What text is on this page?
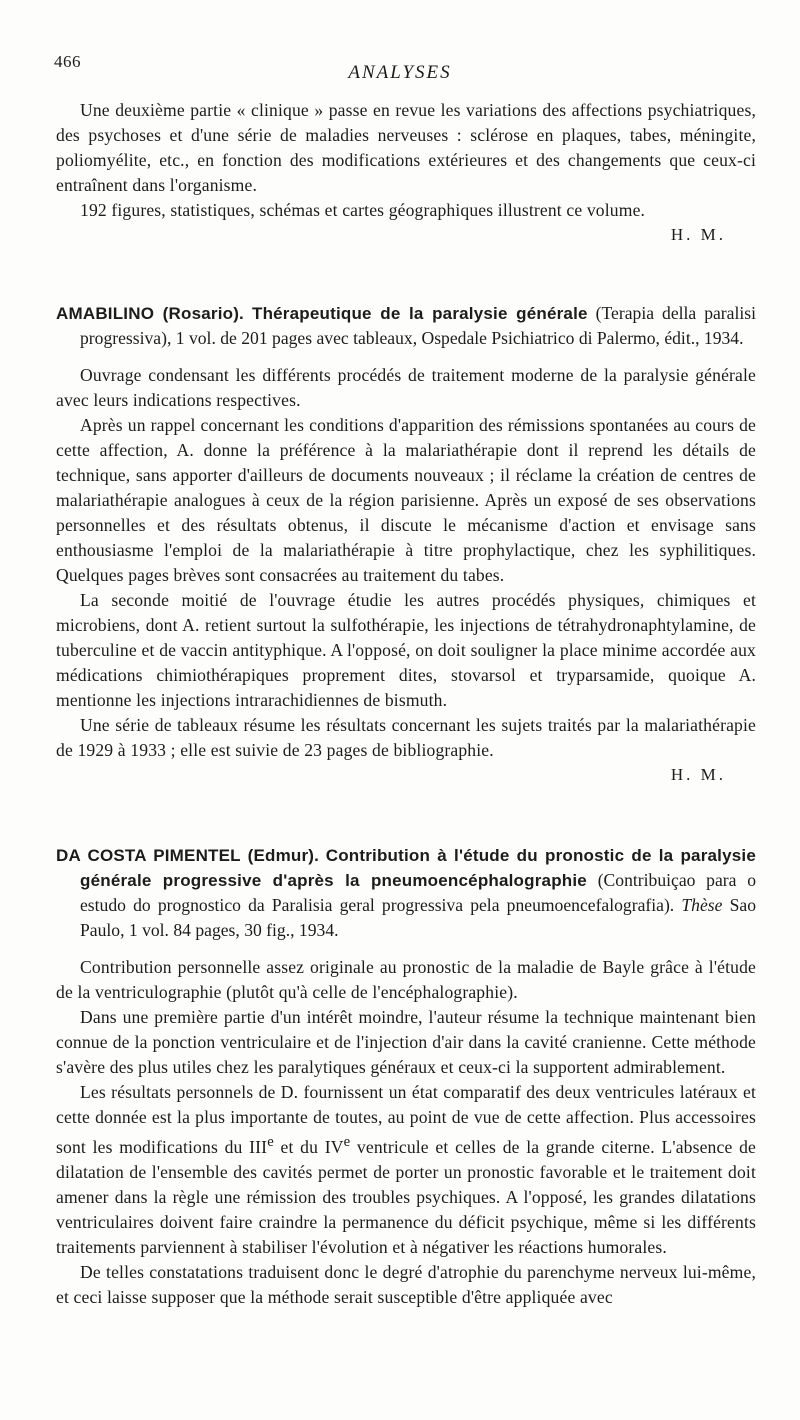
466
ANALYSES

Une deuxième partie « clinique » passe en revue les variations des affections psychiatriques, des psychoses et d'une série de maladies nerveuses : sclérose en plaques, tabes, méningite, poliomyélite, etc., en fonction des modifications extérieures et des changements que ceux-ci entraînent dans l'organisme.

192 figures, statistiques, schémas et cartes géographiques illustrent ce volume.

H. M.
AMABILINO (Rosario). Thérapeutique de la paralysie générale (Terapia della paralisi progressiva), 1 vol. de 201 pages avec tableaux, Ospedale Psichiatrico di Palermo, édit., 1934.

Ouvrage condensant les différents procédés de traitement moderne de la paralysie générale avec leurs indications respectives.

Après un rappel concernant les conditions d'apparition des rémissions spontanées au cours de cette affection, A. donne la préférence à la malariathérapie dont il reprend les détails de technique, sans apporter d'ailleurs de documents nouveaux ; il réclame la création de centres de malariathérapie analogues à ceux de la région parisienne. Après un exposé de ses observations personnelles et des résultats obtenus, il discute le mécanisme d'action et envisage sans enthousiasme l'emploi de la malariathérapie à titre prophylactique, chez les syphilitiques. Quelques pages brèves sont consacrées au traitement du tabes.

La seconde moitié de l'ouvrage étudie les autres procédés physiques, chimiques et microbiens, dont A. retient surtout la sulfothérapie, les injections de tétrahydronaphtylamine, de tuberculine et de vaccin antityphique. A l'opposé, on doit souligner la place minime accordée aux médications chimiothérapiques proprement dites, stovarsol et tryparsamide, quoique A. mentionne les injections intrarachidiennes de bismuth.

Une série de tableaux résume les résultats concernant les sujets traités par la malariathérapie de 1929 à 1933 ; elle est suivie de 23 pages de bibliographie.

H. M.
DA COSTA PIMENTEL (Edmur). Contribution à l'étude du pronostic de la paralysie générale progressive d'après la pneumoencéphalographie (Contribuiçao para o estudo do prognostico da Paralisia geral progressiva pela pneumoencefalografia). Thèse Sao Paulo, 1 vol. 84 pages, 30 fig., 1934.

Contribution personnelle assez originale au pronostic de la maladie de Bayle grâce à l'étude de la ventriculographie (plutôt qu'à celle de l'encéphalographie).

Dans une première partie d'un intérêt moindre, l'auteur résume la technique maintenant bien connue de la ponction ventriculaire et de l'injection d'air dans la cavité cranienne. Cette méthode s'avère des plus utiles chez les paralytiques généraux et ceux-ci la supportent admirablement.

Les résultats personnels de D. fournissent un état comparatif des deux ventricules latéraux et cette donnée est la plus importante de toutes, au point de vue de cette affection. Plus accessoires sont les modifications du IIIe et du IVe ventricule et celles de la grande citerne. L'absence de dilatation de l'ensemble des cavités permet de porter un pronostic favorable et le traitement doit amener dans la règle une rémission des troubles psychiques. A l'opposé, les grandes dilatations ventriculaires doivent faire craindre la permanence du déficit psychique, même si les différents traitements parviennent à stabiliser l'évolution et à négativer les réactions humorales.

De telles constatations traduisent donc le degré d'atrophie du parenchyme nerveux lui-même, et ceci laisse supposer que la méthode serait susceptible d'être appliquée avec
